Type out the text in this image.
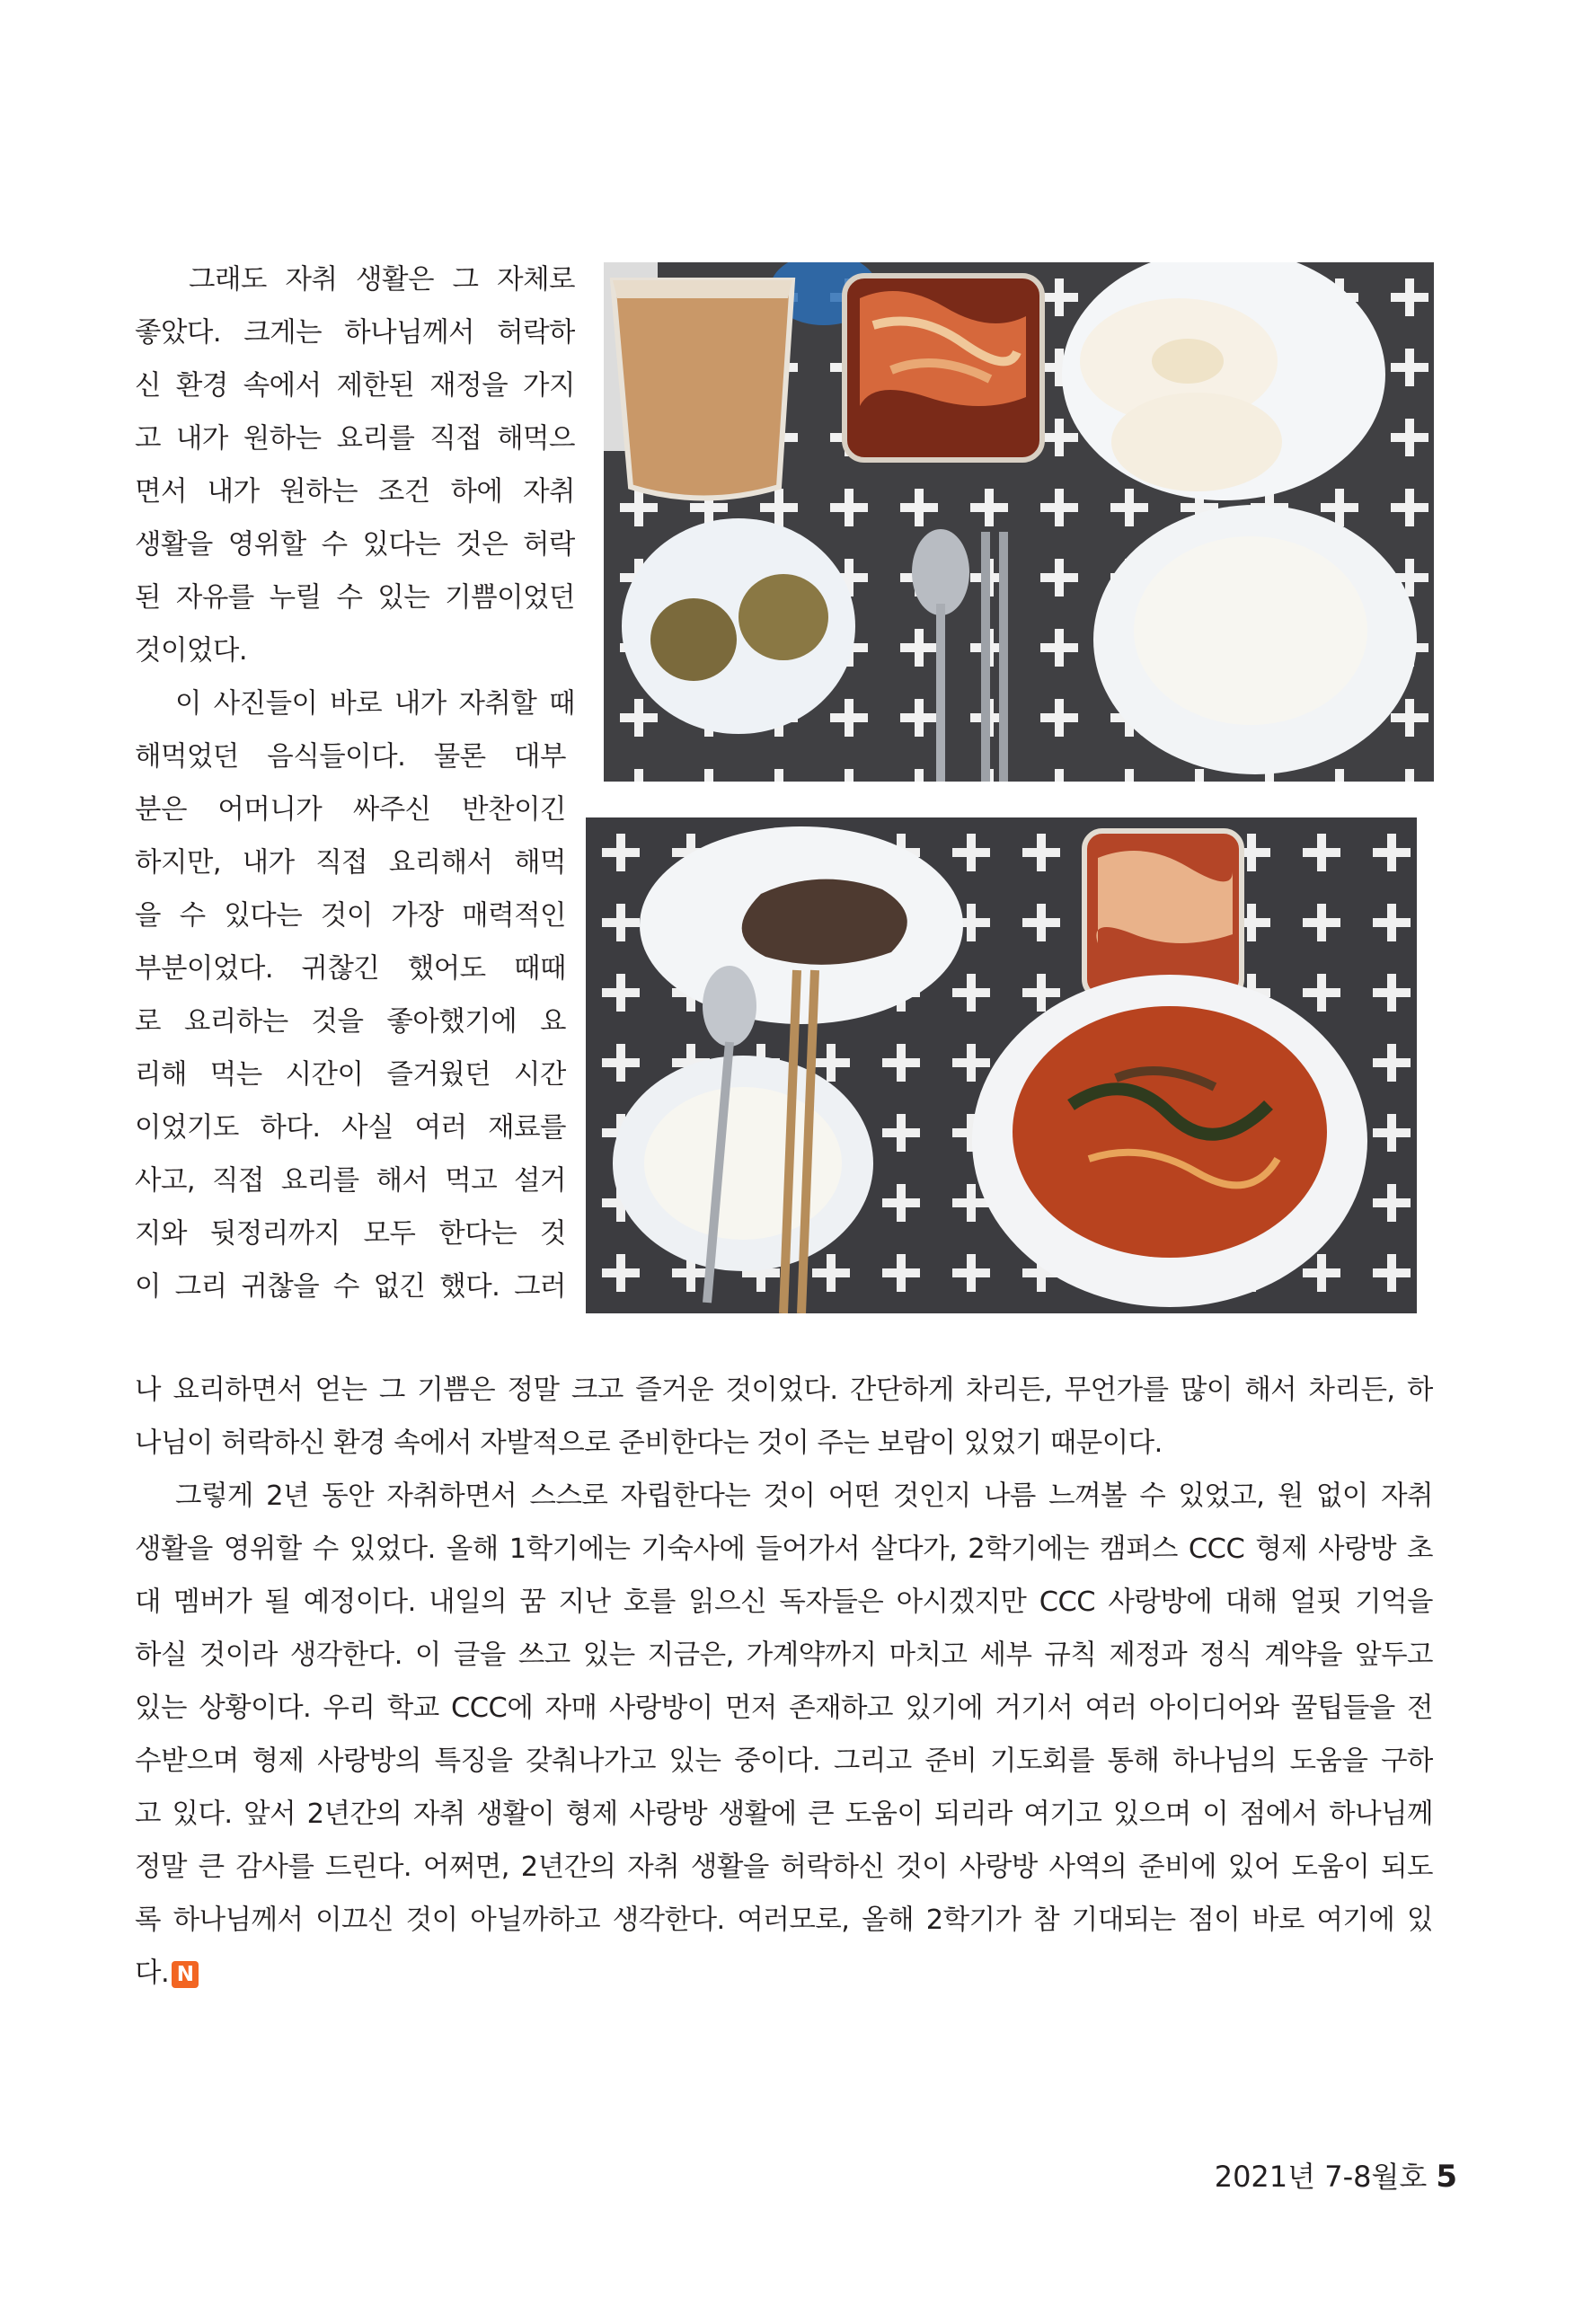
그래도 자취 생활은 그 자체로
좋았다. 크게는 하나님께서 허락하
신 환경 속에서 제한된 재정을 가지
고 내가 원하는 요리를 직접 해먹으
면서 내가 원하는 조건 하에 자취
생활을 영위할 수 있다는 것은 허락
된 자유를 누릴 수 있는 기쁨이었던
것이었다.
이 사진들이 바로 내가 자취할 때
해먹었던 음식들이다. 물론 대부
분은 어머니가 싸주신 반찬이긴
하지만, 내가 직접 요리해서 해먹
을 수 있다는 것이 가장 매력적인
부분이었다. 귀찮긴 했어도 때때
로 요리하는 것을 좋아했기에 요
리해 먹는 시간이 즐거웠던 시간
이었기도 하다. 사실 여러 재료를
사고, 직접 요리를 해서 먹고 설거
지와 뒷정리까지 모두 한다는 것
이 그리 귀찮을 수 없긴 했다. 그러
나 요리하면서 얻는 그 기쁨은 정말 크고 즐거운 것이었다. 간단하게 차리든, 무언가를 많이 해서 차리든, 하
나님이 허락하신 환경 속에서 자발적으로 준비한다는 것이 주는 보람이 있었기 때문이다.
그렇게 2년 동안 자취하면서 스스로 자립한다는 것이 어떤 것인지 나름 느껴볼 수 있었고, 원 없이 자취
생활을 영위할 수 있었다. 올해 1학기에는 기숙사에 들어가서 살다가, 2학기에는 캠퍼스 CCC 형제 사랑방 초
대 멤버가 될 예정이다. 내일의 꿈 지난 호를 읽으신 독자들은 아시겠지만 CCC 사랑방에 대해 얼핏 기억을
하실 것이라 생각한다. 이 글을 쓰고 있는 지금은, 가계약까지 마치고 세부 규칙 제정과 정식 계약을 앞두고
있는 상황이다. 우리 학교 CCC에 자매 사랑방이 먼저 존재하고 있기에 거기서 여러 아이디어와 꿀팁들을 전
수받으며 형제 사랑방의 특징을 갖춰나가고 있는 중이다. 그리고 준비 기도회를 통해 하나님의 도움을 구하
고 있다. 앞서 2년간의 자취 생활이 형제 사랑방 생활에 큰 도움이 되리라 여기고 있으며 이 점에서 하나님께
정말 큰 감사를 드린다. 어쩌면, 2년간의 자취 생활을 허락하신 것이 사랑방 사역의 준비에 있어 도움이 되도
록 하나님께서 이끄신 것이 아닐까하고 생각한다. 여러모로, 올해 2학기가 참 기대되는 점이 바로 여기에 있
다. N
2021년 7-8월호 5
